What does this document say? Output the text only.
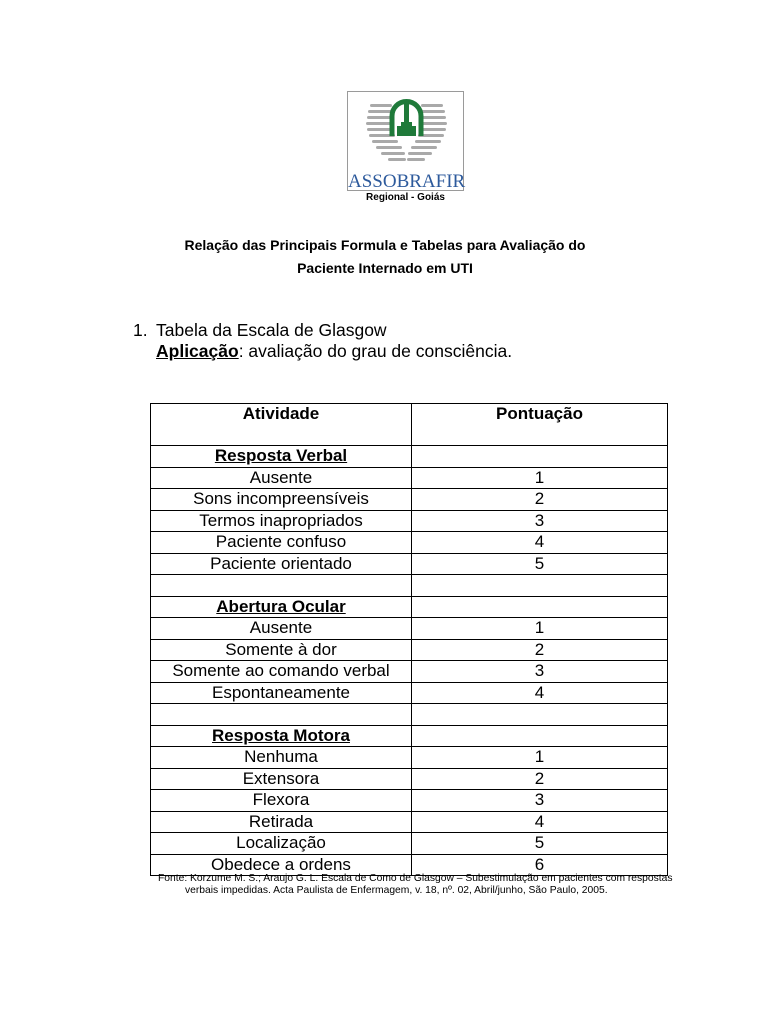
ASSOBRAFIR
Regional - Goiás
Relação das Principais Formula e Tabelas para Avaliação do
Paciente Internado em UTI
1. Tabela da Escala de Glasgow
Aplicação: avaliação do grau de consciência.
Atividade	Pontuação
Resposta Verbal	
Ausente	1
Sons incompreensíveis	2
Termos inapropriados	3
Paciente confuso	4
Paciente orientado	5

Abertura Ocular	
Ausente	1
Somente à dor	2
Somente ao comando verbal	3
Espontaneamente	4

Resposta Motora	
Nenhuma	1
Extensora	2
Flexora	3
Retirada	4
Localização	5
Obedece a ordens	6
Fonte: Korzume M. S.; Araujo G. L. Escala de Como de Glasgow – Subestimulação em pacientes com respostas
verbais impedidas. Acta Paulista de Enfermagem, v. 18, nº. 02, Abril/junho, São Paulo, 2005.
